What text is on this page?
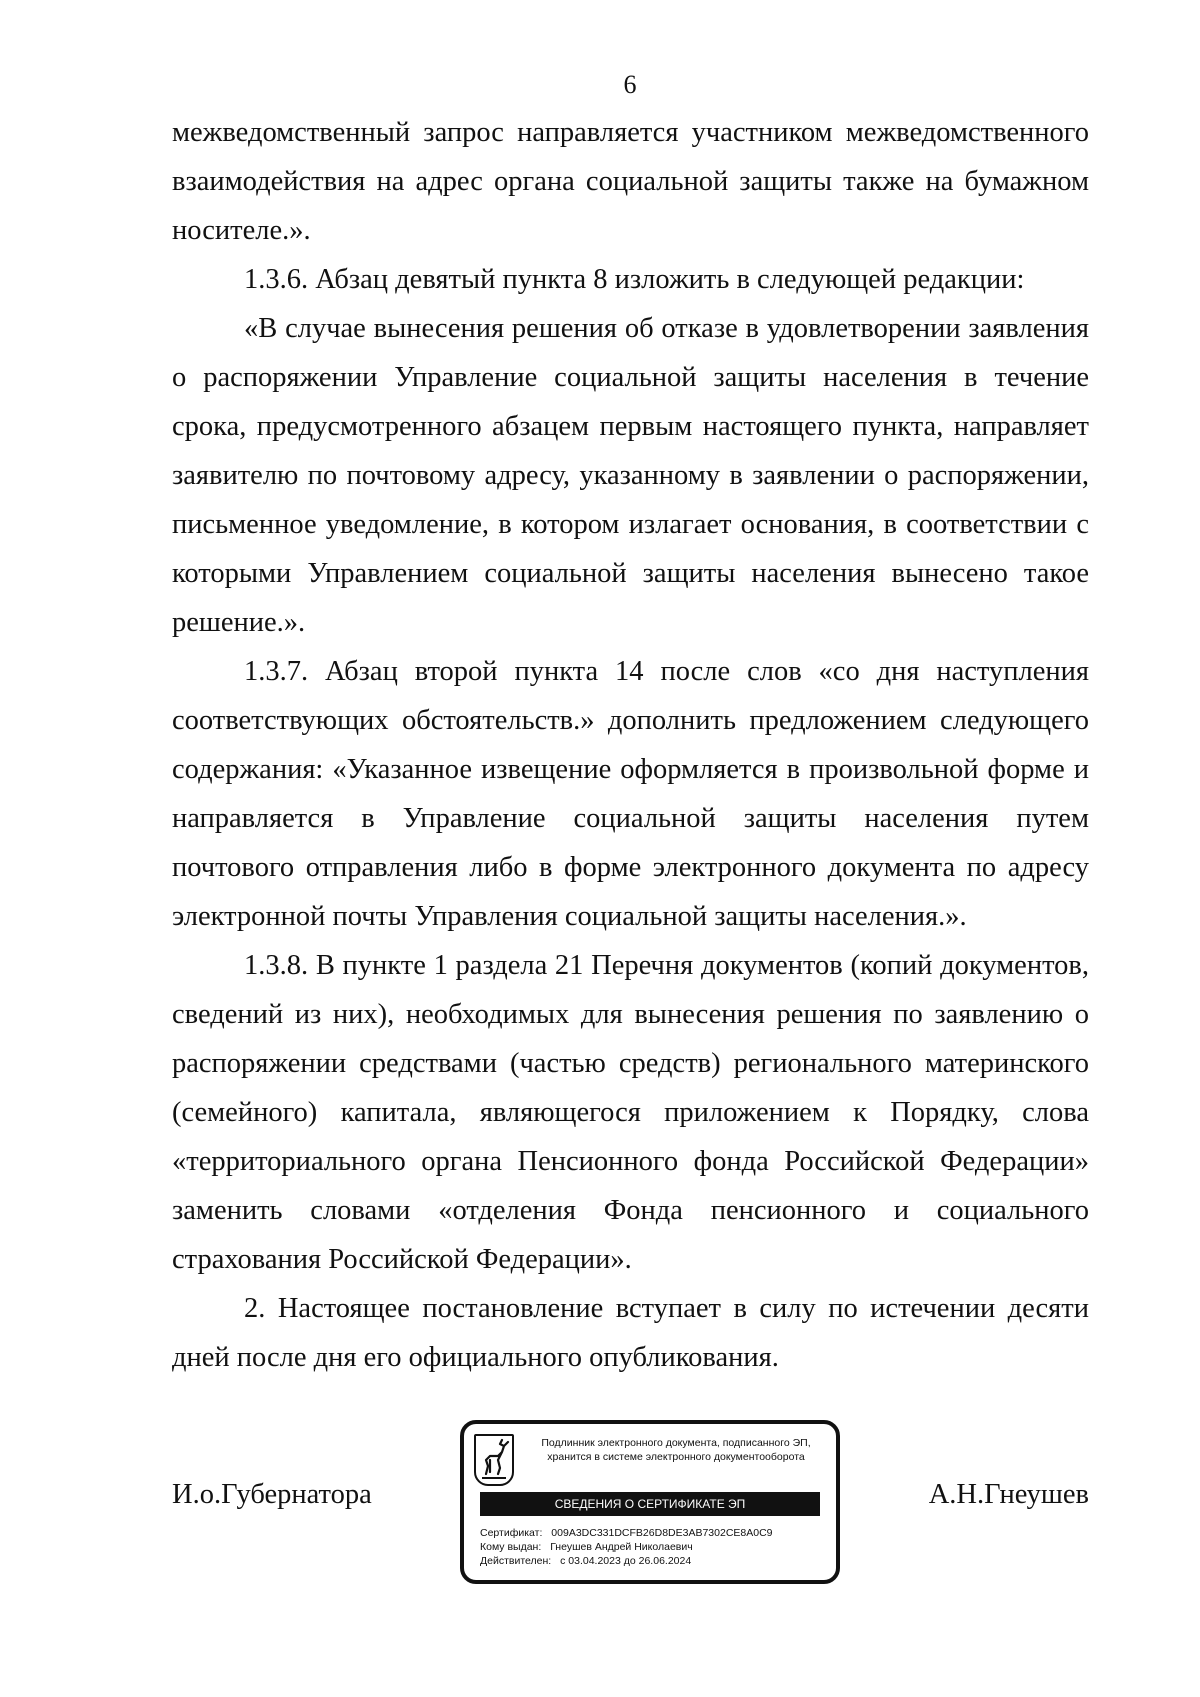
6

межведомственный запрос направляется участником межведомственного взаимодействия на адрес органа социальной защиты также на бумажном носителе.».

1.3.6. Абзац девятый пункта 8 изложить в следующей редакции:

«В случае вынесения решения об отказе в удовлетворении заявления о распоряжении Управление социальной защиты населения в течение срока, предусмотренного абзацем первым настоящего пункта, направляет заявителю по почтовому адресу, указанному в заявлении о распоряжении, письменное уведомление, в котором излагает основания, в соответствии с которыми Управлением социальной защиты населения вынесено такое решение.».

1.3.7. Абзац второй пункта 14 после слов «со дня наступления соответствующих обстоятельств.» дополнить предложением следующего содержания: «Указанное извещение оформляется в произвольной форме и направляется в Управление социальной защиты населения путем почтового отправления либо в форме электронного документа по адресу электронной почты Управления социальной защиты населения.».

1.3.8. В пункте 1 раздела 21 Перечня документов (копий документов, сведений из них), необходимых для вынесения решения по заявлению о распоряжении средствами (частью средств) регионального материнского (семейного) капитала, являющегося приложением к Порядку, слова «территориального органа Пенсионного фонда Российской Федерации» заменить словами «отделения Фонда пенсионного и социального страхования Российской Федерации».

2. Настоящее постановление вступает в силу по истечении десяти дней после дня его официального опубликования.

И.о.Губернатора
Подлинник электронного документа, подписанного ЭП,
хранится в системе электронного документооборота
СВЕДЕНИЯ О СЕРТИФИКАТЕ ЭП
Сертификат: 009A3DC331DCFB26D8DE3AB7302CE8A0C9
Кому выдан: Гнеушев Андрей Николаевич
Действителен: с 03.04.2023 до 26.06.2024
А.Н.Гнеушев
